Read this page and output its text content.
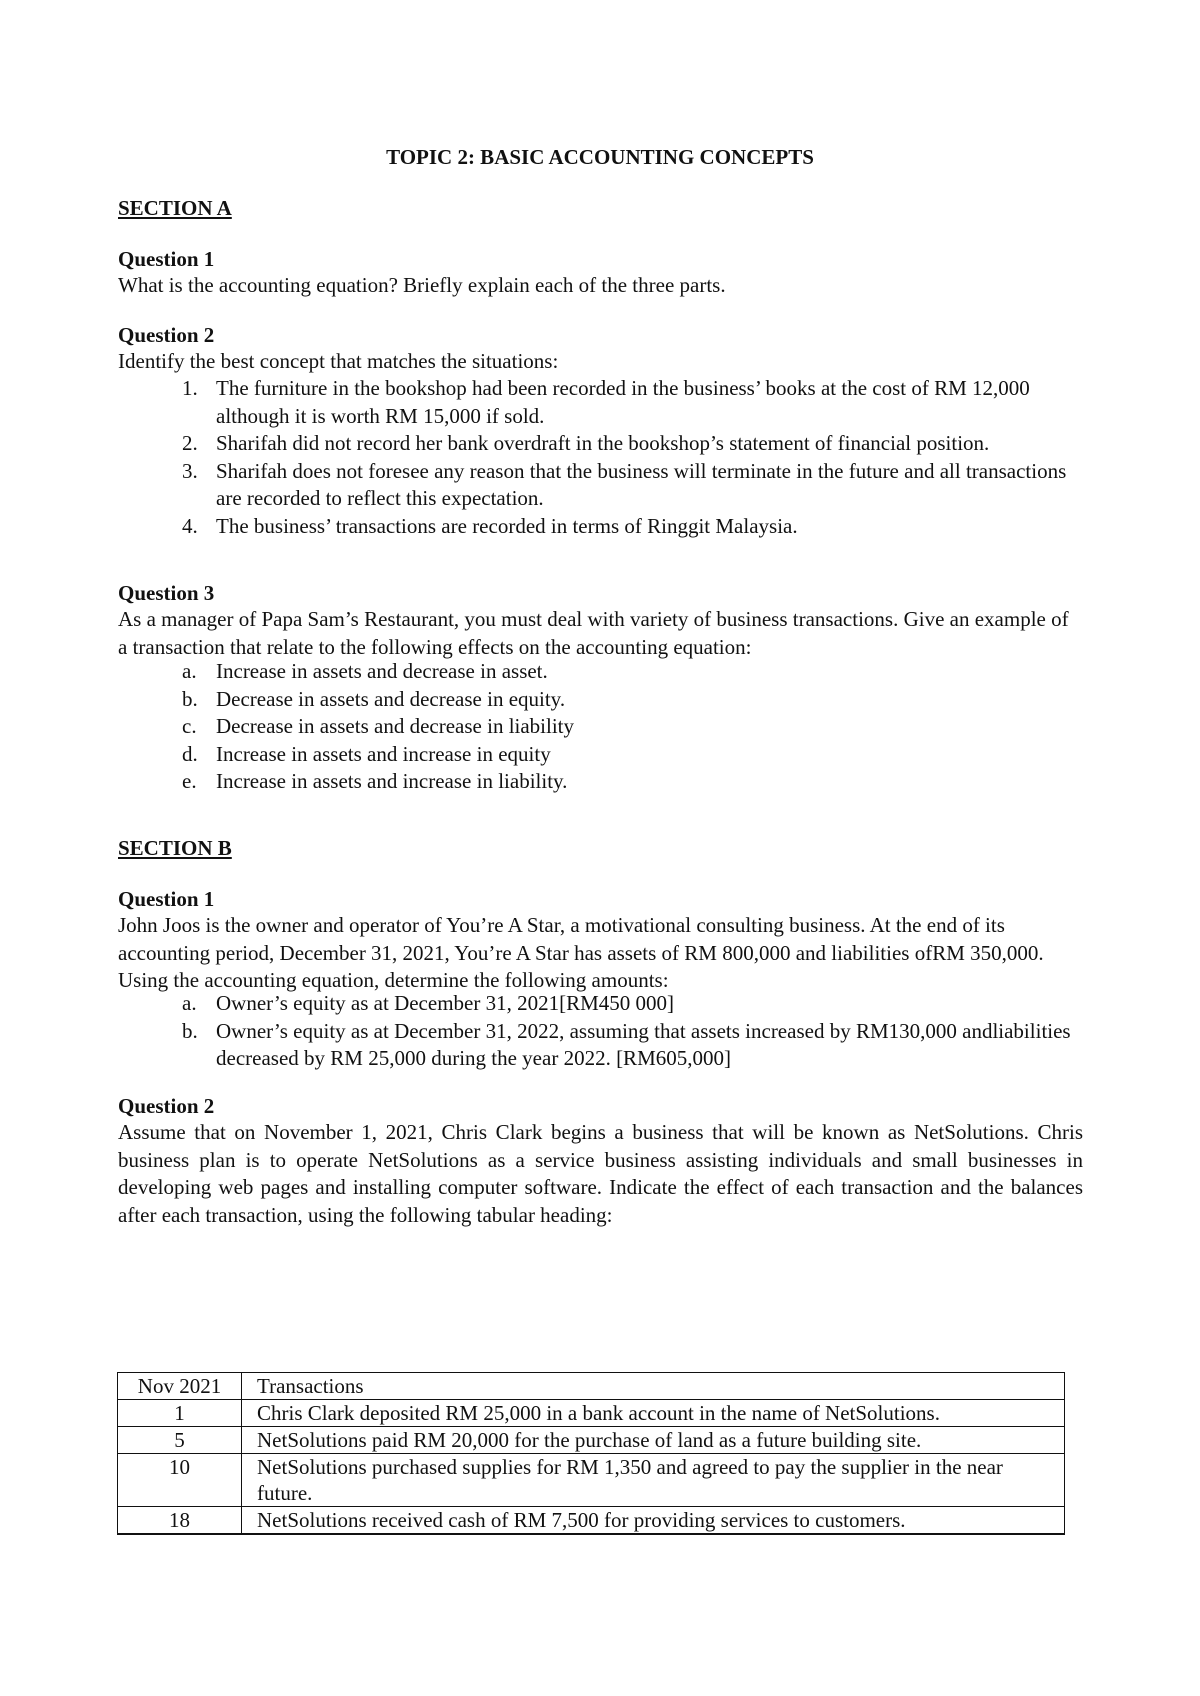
TOPIC 2: BASIC ACCOUNTING CONCEPTS
SECTION A
Question 1

What is the accounting equation? Briefly explain each of the three parts.

Question 2

Identify the best concept that matches the situations:

1. The furniture in the bookshop had been recorded in the business’ books at the cost of RM 12,000 although it is worth RM 15,000 if sold.
2. Sharifah did not record her bank overdraft in the bookshop’s statement of financial position.
3. Sharifah does not foresee any reason that the business will terminate in the future and all transactions are recorded to reflect this expectation.
4. The business’ transactions are recorded in terms of Ringgit Malaysia.
Question 3

As a manager of Papa Sam’s Restaurant, you must deal with variety of business transactions. Give an example of a transaction that relate to the following effects on the accounting equation:

a. Increase in assets and decrease in asset.
b. Decrease in assets and decrease in equity.
c. Decrease in assets and decrease in liability
d. Increase in assets and increase in equity
e. Increase in assets and increase in liability.
SECTION B
Question 1

John Joos is the owner and operator of You’re A Star, a motivational consulting business. At the end of its accounting period, December 31, 2021, You’re A Star has assets of RM 800,000 and liabilities ofRM 350,000. Using the accounting equation, determine the following amounts:

a. Owner’s equity as at December 31, 2021[RM450 000]
b. Owner’s equity as at December 31, 2022, assuming that assets increased by RM130,000 andliabilities decreased by RM 25,000 during the year 2022. [RM605,000]
Question 2

Assume that on November 1, 2021, Chris Clark begins a business that will be known as NetSolutions. Chris business plan is to operate NetSolutions as a service business assisting individuals and small businesses in developing web pages and installing computer software. Indicate the effect of each transaction and the balances after each transaction, using the following tabular heading:

Nov 2021	Transactions
1	Chris Clark deposited RM 25,000 in a bank account in the name of NetSolutions.
5	NetSolutions paid RM 20,000 for the purchase of land as a future building site.
10	NetSolutions purchased supplies for RM 1,350 and agreed to pay the supplier in the near future.
18	NetSolutions received cash of RM 7,500 for providing services to customers.
